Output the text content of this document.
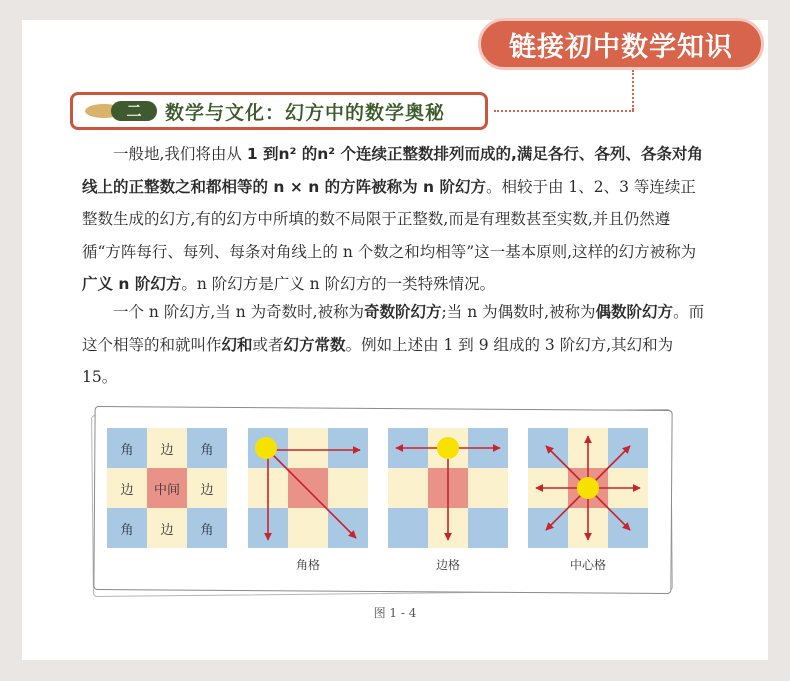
链接初中数学知识
二	数学与文化：幻方中的数学奥秘

一般地,我们将由从 1 到n² 的n² 个连续正整数排列而成的,满足各行、各列、各条对角线上的正整数之和都相等的 n × n 的方阵被称为 n 阶幻方。相较于由 1、2、3 等连续正整数生成的幻方,有的幻方中所填的数不局限于正整数,而是有理数甚至实数,并且仍然遵循“方阵每行、每列、每条对角线上的 n 个数之和均相等”这一基本原则,这样的幻方被称为广义 n 阶幻方。n 阶幻方是广义 n 阶幻方的一类特殊情况。

一个 n 阶幻方,当 n 为奇数时,被称为奇数阶幻方;当 n 为偶数时,被称为偶数阶幻方。而这个相等的和就叫作幻和或者幻方常数。例如上述由 1 到 9 组成的 3 阶幻方,其幻和为 15。

角	边	角
边	中间	边
角	边	角
角格	边格	中心格
图 1 - 4
